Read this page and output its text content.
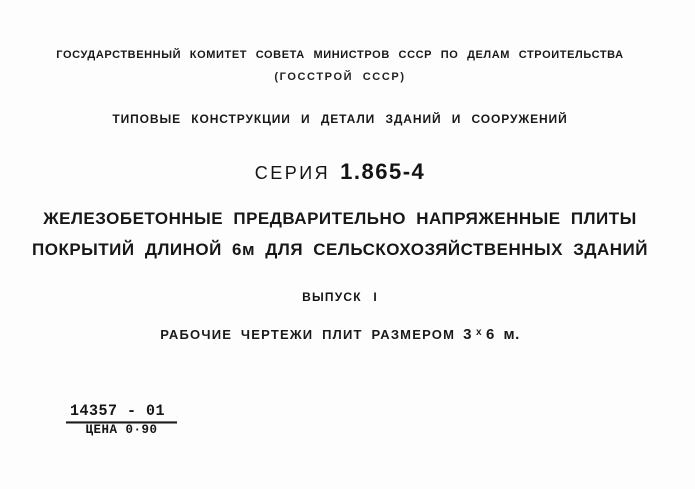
ГОСУДАРСТВЕННЫЙ КОМИТЕТ СОВЕТА МИНИСТРОВ СССР ПО ДЕЛАМ СТРОИТЕЛЬСТВА
(ГОССТРОЙ СССР)
ТИПОВЫЕ КОНСТРУКЦИИ И ДЕТАЛИ ЗДАНИЙ И СООРУЖЕНИЙ
СЕРИЯ 1.865-4
ЖЕЛЕЗОБЕТОННЫЕ ПРЕДВАРИТЕЛЬНО НАПРЯЖЕННЫЕ ПЛИТЫ
ПОКРЫТИЙ ДЛИНОЙ 6м ДЛЯ СЕЛЬСКОХОЗЯЙСТВЕННЫХ ЗДАНИЙ
ВЫПУСК I
РАБОЧИЕ ЧЕРТЕЖИ ПЛИТ РАЗМЕРОМ 3 $^х$ 6 м.
14357 - 01
ЦЕНА 0·90
